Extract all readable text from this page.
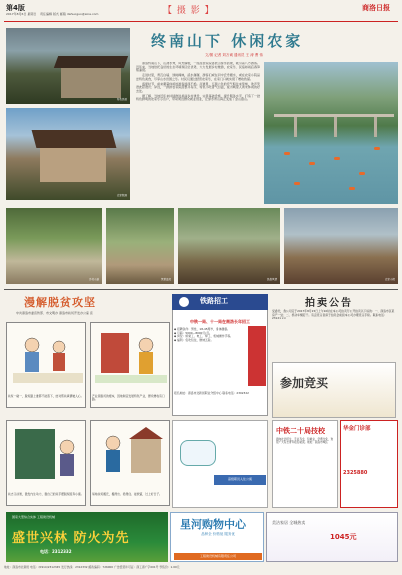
第4版
2017年8月6日 星期日 责任编辑 版式 邮箱 dahuoguo@sina.com	【 摄 影 】	商洛日报
特色民居
农家院落
终南山下 休闲农家
文/图 记者 刘万诚 通讯员 王 涛 曹 伟

商洛终南山下，山清水秀，风光旖旎，一座座农家院落依山傍水而建，吸引着八方游客。近年来，当地依托良好的生态环境和区位优势，大力发展乡村旅游，农家乐、民宿如雨后春笋般涌现。

走进村里，青瓦白墙、绿树掩映，溪水潺潺，游客们或在河中泛舟嬉水，或在农家小院品尝特色美食，尽享山水田园之乐。村民们通过经营农家乐，在家门口就实现了增收致富。

盛夏时节，前来避暑休闲的游客络绎不绝。河道里，五颜六色的充气船往来穿梭，欢声笑语此起彼伏；岸边，一排排农家院落整齐有序，特色小吃香气四溢，成为城里人周末休闲的好去处。

据了解，当地近年来持续推进美丽乡村建设，完善基础设施，提升服务水平，打造了一批特色鲜明的农家乐示范户，带动周边群众就业创业，让绿水青山真正变成了金山银山。

乡村小道	绿意盎然	民俗风情	农家小院
漫解脱贫攻坚
中共商洛市委宣传部、市文明办 商洛市扶贫开发办公室 宣
扶贫一碰一，脱贫路上谁都不能落下，结对帮扶真情暖人心。	产业是脱贫的根本，因地制宜发展特色产业，群众增收有门路。
扶志又扶智，激发内生动力，靠自己的双手摆脱贫困奔小康。	易地扶贫搬迁，搬得出、稳得住、能致富，过上好日子。
铁路招工
中铁一局、十一局在商洛长年招工
◆ 招聘条件：男性，18-45周岁，身体健康。
◆ 月薪：5000—8000元/月。
◆ 岗位：桥梁工、电工、焊工、机械操作手等。
◆ 福利：包吃包住，缴纳五险。
报名地址：商洛市北新街职业介绍中心 联系电话：2302322
拍卖公告
受委托，我公司定于2017年8月15日上午10时在本公司拍卖厅公开拍卖以下标的：一、商洛市区某房产一处；二、机动车辆若干。有意竞买者请于拍卖会前到本公司办理竞买手续。联系电话：2312×××
参加竞买
高级职员入住公寓
中铁二十局技校
面向社会招生，专业齐全，包就业，学费全免，欢迎广大有志青年报名就读。地址：商洛市城区
华金门诊部
2325880
国家大型综合实体 工程建设机械
盛世兴林 防火为先
电话：2312332
星河购物中心
品种全 价格低 服务优
工程建设机械有限责任公司
美洁家居 全城热卖
1045元
地址：商洛市北新街 电话：(0914)2312345 发行热线：2312332 邮政编码：726000 广告经营许可证：商工商广字001号 零售价：1.00元
